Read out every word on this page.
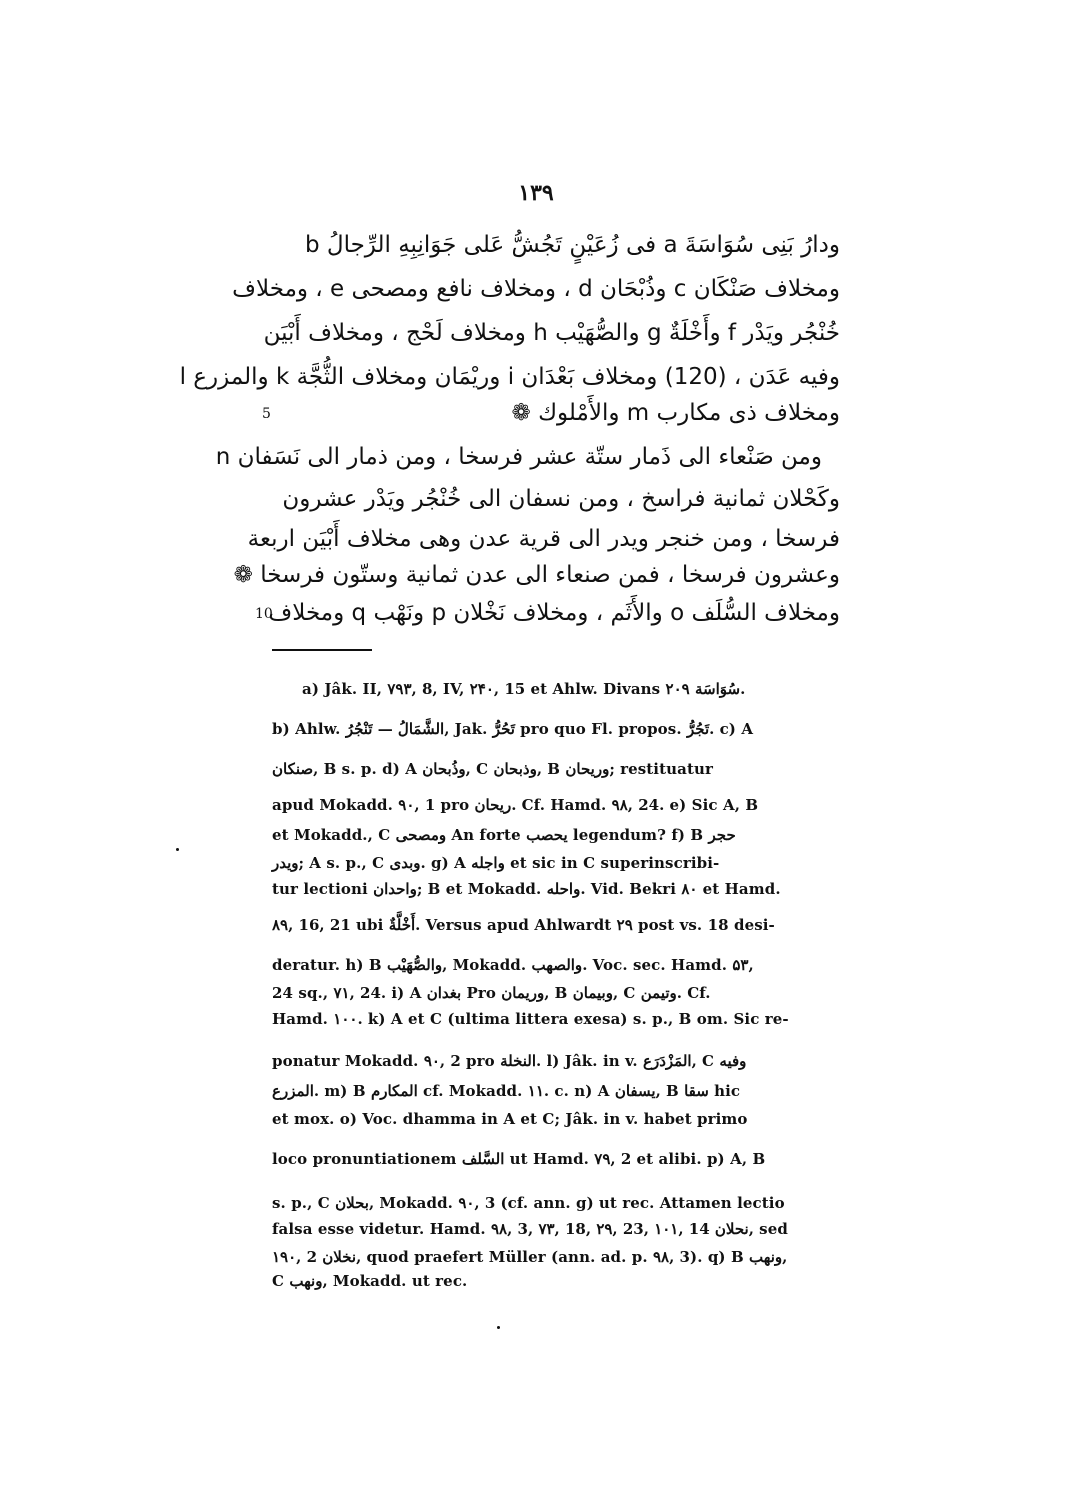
۱۳۹
ودارُ بَنِى سُوَاسَةَ a فى زُعَيْنٍ تَجُشُّ عَلى جَوَانِبِهِ الرِّجالُ b
ومخلاف صَنْكَان c وذُبْحَان d ، ومخلاف نافع ومصحى e ، ومخلاف
خُنْجُر ويَدْر f وأَخْلَةٌ g والصُّهَيْب h ومخلاف لَحْج ، ومخلاف أَبْيَن
وفيه عَدَن ، (120) ومخلاف بَعْدَان i وريْمَان ومخلاف الثُّجَّة k والمزرع l
ومخلاف ذى مكارب m والأَمْلوك ❁
5
ومن صَنْعاء الى ذَمار ستّة عشر فرسخا ، ومن ذمار الى نَسَفان n
وكَحْلان ثمانية فراسخ ، ومن نسفان الى خُنْجُر ويَدْر عشرون
فرسخا ، ومن خنجر ويدر الى قرية عدن وهى مخلاف أَبْيَن اربعة
وعشرون فرسخا ، فمن صنعاء الى عدن ثمانية وستّون فرسخا ❁
ومخلاف السُّلَف o والأَثَم ، ومخلاف نَخْلان p ونَهْب q ومخلاف
10
a) Jâk. II, ۷۹۳, 8, IV, ۲۴۰, 15 et Ahlw. Divans ۲۰۹ سُوَاسَة.
b) Ahlw. الشَّمَالُ — تَنْجُرُ, Jak. تَحُرُّ pro quo Fl. propos. تَجُرُّ. c) A
صنكان, B s. p. d) A وذُبحان, C وذبحان, B وريحان; restituatur
apud Mokadd. ۹۰, 1 pro ريحان. Cf. Hamd. ۹۸, 24. e) Sic A, B
et Mokadd., C ومصحى An forte يحصب legendum? f) B حجر
ويدر; A s. p., C وبدى. g) A واجله et sic in C superinscribi-
tur lectioni واحدان; B et Mokadd. واحله. Vid. Bekri ۸۰ et Hamd.
۸۹, 16, 21 ubi أَخْلَّةٌ. Versus apud Ahlwardt ۲۹ post vs. 18 desi-
deratur. h) B والصُّهَيْب, Mokadd. والصهب. Voc. sec. Hamd. ۵۳,
24 sq., ۷۱, 24. i) A بغدان Pro وريمان, B وبيمان, C وتيمن. Cf.
Hamd. ۱۰۰. k) A et C (ultima littera exesa) s. p., B om. Sic re-
ponatur Mokadd. ۹۰, 2 pro النخلة. l) Jâk. in v. المَزْدَرَع, C وفيه
المزرع. m) B المكارم cf. Mokadd. ۱۱. c. n) A يسفان, B سقا hic
et mox. o) Voc. dhamma in A et C; Jâk. in v. habet primo
loco pronuntiationem السَّلف ut Hamd. ۷۹, 2 et alibi. p) A, B
s. p., C بحلان, Mokadd. ۹۰, 3 (cf. ann. g) ut rec. Attamen lectio
falsa esse videtur. Hamd. ۹۸, 3, ۷۳, 18, ۲۹, 23, ۱۰۱, 14 نحلان, sed
۱۹۰, 2 نخلان, quod praefert Müller (ann. ad. p. ۹۸, 3). q) B ونهب,
C ونهب, Mokadd. ut rec.
